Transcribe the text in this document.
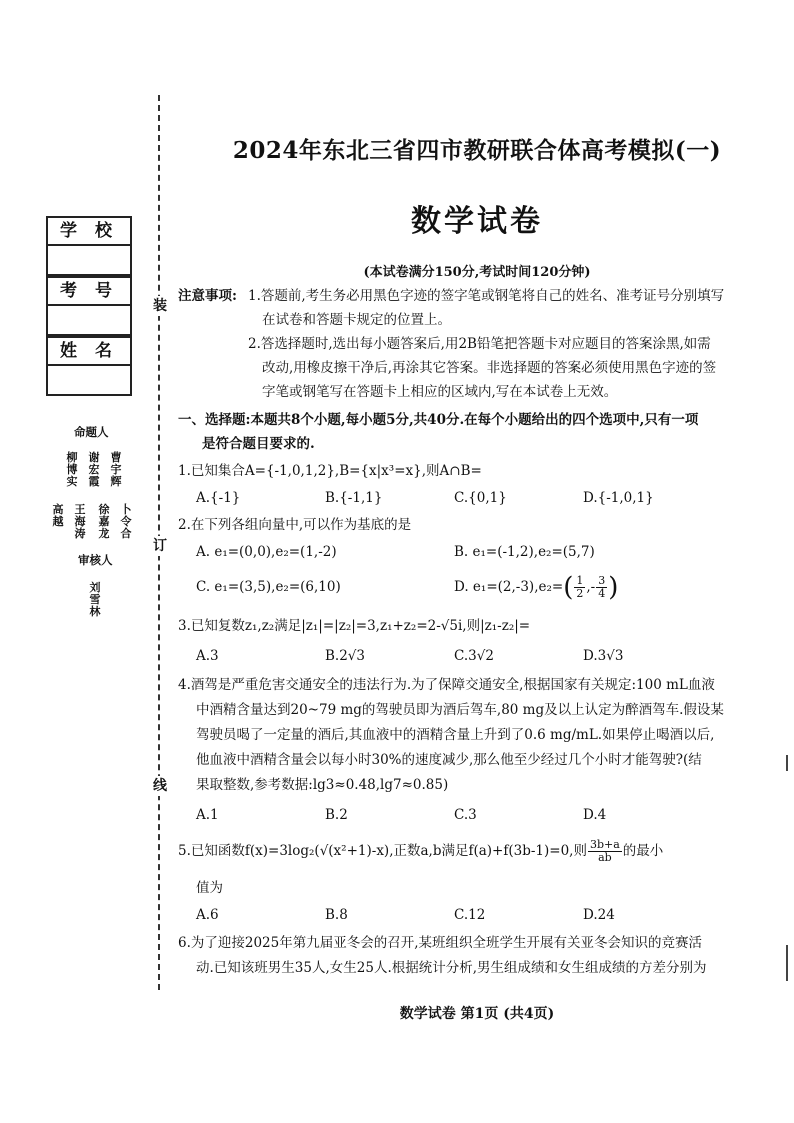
装
订
线
学 校
考 号
姓 名
命题人
柳博实
谢宏霞
曹宇辉
高越
王海涛
徐嘉龙
卜令合
审核人
刘雪林
2024年东北三省四市教研联合体高考模拟(一)
数学试卷
(本试卷满分150分,考试时间120分钟)
注意事项: 1.答题前,考生务必用黑色字迹的签字笔或钢笔将自己的姓名、准考证号分别填写
在试卷和答题卡规定的位置上。
2.答选择题时,选出每小题答案后,用2B铅笔把答题卡对应题目的答案涂黑,如需
改动,用橡皮擦干净后,再涂其它答案。非选择题的答案必须使用黑色字迹的签
字笔或钢笔写在答题卡上相应的区域内,写在本试卷上无效。
一、选择题:本题共8个小题,每小题5分,共40分.在每个小题给出的四个选项中,只有一项
是符合题目要求的.
1.已知集合A={-1,0,1,2},B={x|x³=x},则A∩B=
A.{-1}	B.{-1,1}	C.{0,1}	D.{-1,0,1}
2.在下列各组向量中,可以作为基底的是
A. e₁=(0,0),e₂=(1,-2)	B. e₁=(-1,2),e₂=(5,7)
C. e₁=(3,5),e₂=(6,10)	D. $e_1=(2,-3),e_2=( \frac{1}{2}$ ,- $\frac{3}{4}$ )
3.已知复数z₁,z₂满足|z₁|=|z₂|=3,z₁+z₂=2-√5i,则|z₁-z₂|=
A.3	B.2√3	C.3√2	D.3√3
4.酒驾是严重危害交通安全的违法行为.为了保障交通安全,根据国家有关规定:100 mL血液
中酒精含量达到20~79 mg的驾驶员即为酒后驾车,80 mg及以上认定为醉酒驾车.假设某
驾驶员喝了一定量的酒后,其血液中的酒精含量上升到了0.6 mg/mL.如果停止喝酒以后,
他血液中酒精含量会以每小时30%的速度减少,那么他至少经过几个小时才能驾驶?(结
果取整数,参考数据:lg3≈0.48,lg7≈0.85)
A.1	B.2	C.3	D.4
5.已知函数f(x)=3log₂(√(x²+1)-x),正数a,b满足f(a)+f(3b-1)=0,则 $\frac{3b+a}{ab}$ 的最小
值为
A.6	B.8	C.12	D.24
6.为了迎接2025年第九届亚冬会的召开,某班组织全班学生开展有关亚冬会知识的竞赛活
动.已知该班男生35人,女生25人.根据统计分析,男生组成绩和女生组成绩的方差分别为
数学试卷 第1页 (共4页)
